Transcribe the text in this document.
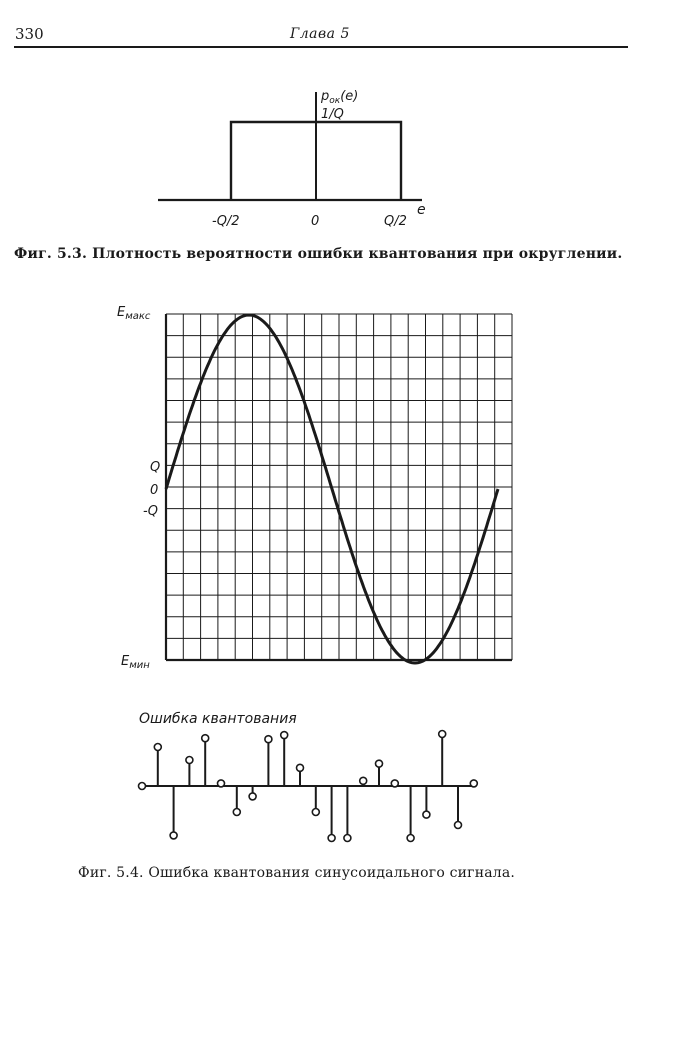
330	Глава 5
$p_{ок}(e)$
1/Q
e
-Q/2	0	Q/2
$E_{макс}$
Q
0
-Q
$E_{мин}$
Ошибка квантования
Фиг. 5.3. Плотность вероятности ошибки квантования при округлении.
Фиг. 5.4. Ошибка квантования синусоидального сигнала.
